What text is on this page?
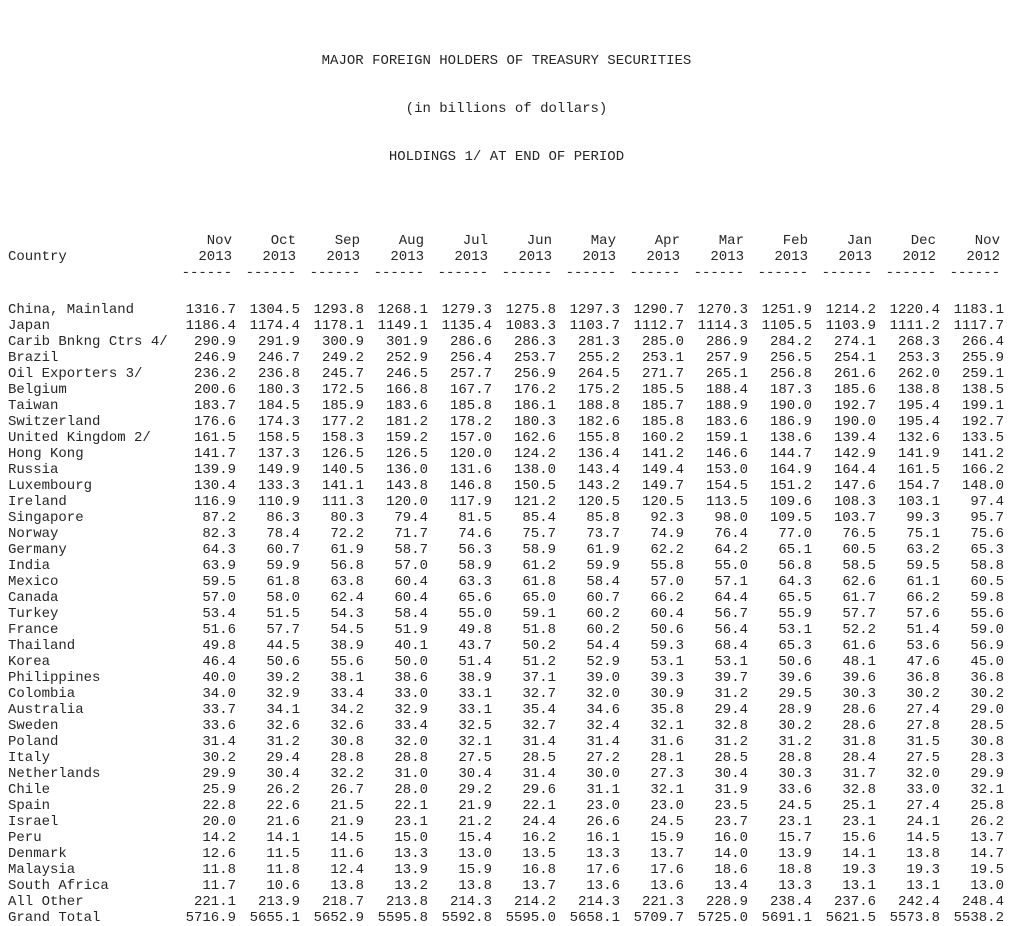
MAJOR FOREIGN HOLDERS OF TREASURY SECURITIES

(in billions of dollars)

HOLDINGS 1/ AT END OF PERIOD

Nov	Oct	Sep	Aug	Jul	Jun	May	Apr	Mar	Feb	Jan	Dec	Nov
Country	2013	2013	2013	2013	2013	2013	2013	2013	2013	2013	2013	2012	2012
------ ------ ------ ------ ------ ------ ------ ------ ------ ------ ------ ------ ------
China, Mainland	1316.7 1304.5 1293.8 1268.1 1279.3 1275.8 1297.3 1290.7 1270.3 1251.9 1214.2 1220.4 1183.1
Japan	1186.4 1174.4 1178.1 1149.1 1135.4 1083.3 1103.7 1112.7 1114.3 1105.5 1103.9 1111.2 1117.7
Carib Bnkng Ctrs 4/	290.9	291.9	300.9	301.9	286.6	286.3	281.3	285.0	286.9	284.2	274.1	268.3	266.4
Brazil	246.9	246.7	249.2	252.9	256.4	253.7	255.2	253.1	257.9	256.5	254.1	253.3	255.9
Oil Exporters 3/	236.2	236.8	245.7	246.5	257.7	256.9	264.5	271.7	265.1	256.8	261.6	262.0	259.1
Belgium	200.6	180.3	172.5	166.8	167.7	176.2	175.2	185.5	188.4	187.3	185.6	138.8	138.5
Taiwan	183.7	184.5	185.9	183.6	185.8	186.1	188.8	185.7	188.9	190.0	192.7	195.4	199.1
Switzerland	176.6	174.3	177.2	181.2	178.2	180.3	182.6	185.8	183.6	186.9	190.0	195.4	192.7
United Kingdom 2/	161.5	158.5	158.3	159.2	157.0	162.6	155.8	160.2	159.1	138.6	139.4	132.6	133.5
Hong Kong	141.7	137.3	126.5	126.5	120.0	124.2	136.4	141.2	146.6	144.7	142.9	141.9	141.2
Russia	139.9	149.9	140.5	136.0	131.6	138.0	143.4	149.4	153.0	164.9	164.4	161.5	166.2
Luxembourg	130.4	133.3	141.1	143.8	146.8	150.5	143.2	149.7	154.5	151.2	147.6	154.7	148.0
Ireland	116.9	110.9	111.3	120.0	117.9	121.2	120.5	120.5	113.5	109.6	108.3	103.1	97.4
Singapore	87.2	86.3	80.3	79.4	81.5	85.4	85.8	92.3	98.0	109.5	103.7	99.3	95.7
Norway	82.3	78.4	72.2	71.7	74.6	75.7	73.7	74.9	76.4	77.0	76.5	75.1	75.6
Germany	64.3	60.7	61.9	58.7	56.3	58.9	61.9	62.2	64.2	65.1	60.5	63.2	65.3
India	63.9	59.9	56.8	57.0	58.9	61.2	59.9	55.8	55.0	56.8	58.5	59.5	58.8
Mexico	59.5	61.8	63.8	60.4	63.3	61.8	58.4	57.0	57.1	64.3	62.6	61.1	60.5
Canada	57.0	58.0	62.4	60.4	65.6	65.0	60.7	66.2	64.4	65.5	61.7	66.2	59.8
Turkey	53.4	51.5	54.3	58.4	55.0	59.1	60.2	60.4	56.7	55.9	57.7	57.6	55.6
France	51.6	57.7	54.5	51.9	49.8	51.8	60.2	50.6	56.4	53.1	52.2	51.4	59.0
Thailand	49.8	44.5	38.9	40.1	43.7	50.2	54.4	59.3	68.4	65.3	61.6	53.6	56.9
Korea	46.4	50.6	55.6	50.0	51.4	51.2	52.9	53.1	53.1	50.6	48.1	47.6	45.0
Philippines	40.0	39.2	38.1	38.6	38.9	37.1	39.0	39.3	39.7	39.6	39.6	36.8	36.8
Colombia	34.0	32.9	33.4	33.0	33.1	32.7	32.0	30.9	31.2	29.5	30.3	30.2	30.2
Australia	33.7	34.1	34.2	32.9	33.1	35.4	34.6	35.8	29.4	28.9	28.6	27.4	29.0
Sweden	33.6	32.6	32.6	33.4	32.5	32.7	32.4	32.1	32.8	30.2	28.6	27.8	28.5
Poland	31.4	31.2	30.8	32.0	32.1	31.4	31.4	31.6	31.2	31.2	31.8	31.5	30.8
Italy	30.2	29.4	28.8	28.8	27.5	28.5	27.2	28.1	28.5	28.8	28.4	27.5	28.3
Netherlands	29.9	30.4	32.2	31.0	30.4	31.4	30.0	27.3	30.4	30.3	31.7	32.0	29.9
Chile	25.9	26.2	26.7	28.0	29.2	29.6	31.1	32.1	31.9	33.6	32.8	33.0	32.1
Spain	22.8	22.6	21.5	22.1	21.9	22.1	23.0	23.0	23.5	24.5	25.1	27.4	25.8
Israel	20.0	21.6	21.9	23.1	21.2	24.4	26.6	24.5	23.7	23.1	23.1	24.1	26.2
Peru	14.2	14.1	14.5	15.0	15.4	16.2	16.1	15.9	16.0	15.7	15.6	14.5	13.7
Denmark	12.6	11.5	11.6	13.3	13.0	13.5	13.3	13.7	14.0	13.9	14.1	13.8	14.7
Malaysia	11.8	11.8	12.4	13.9	15.9	16.8	17.6	17.6	18.6	18.8	19.3	19.3	19.5
South Africa	11.7	10.6	13.8	13.2	13.8	13.7	13.6	13.6	13.4	13.3	13.1	13.1	13.0
All Other	221.1	213.9	218.7	213.8	214.3	214.2	214.3	221.3	228.9	238.4	237.6	242.4	248.4
Grand Total	5716.9 5655.1 5652.9 5595.8 5592.8 5595.0 5658.1 5709.7 5725.0 5691.1 5621.5 5573.8 5538.2
